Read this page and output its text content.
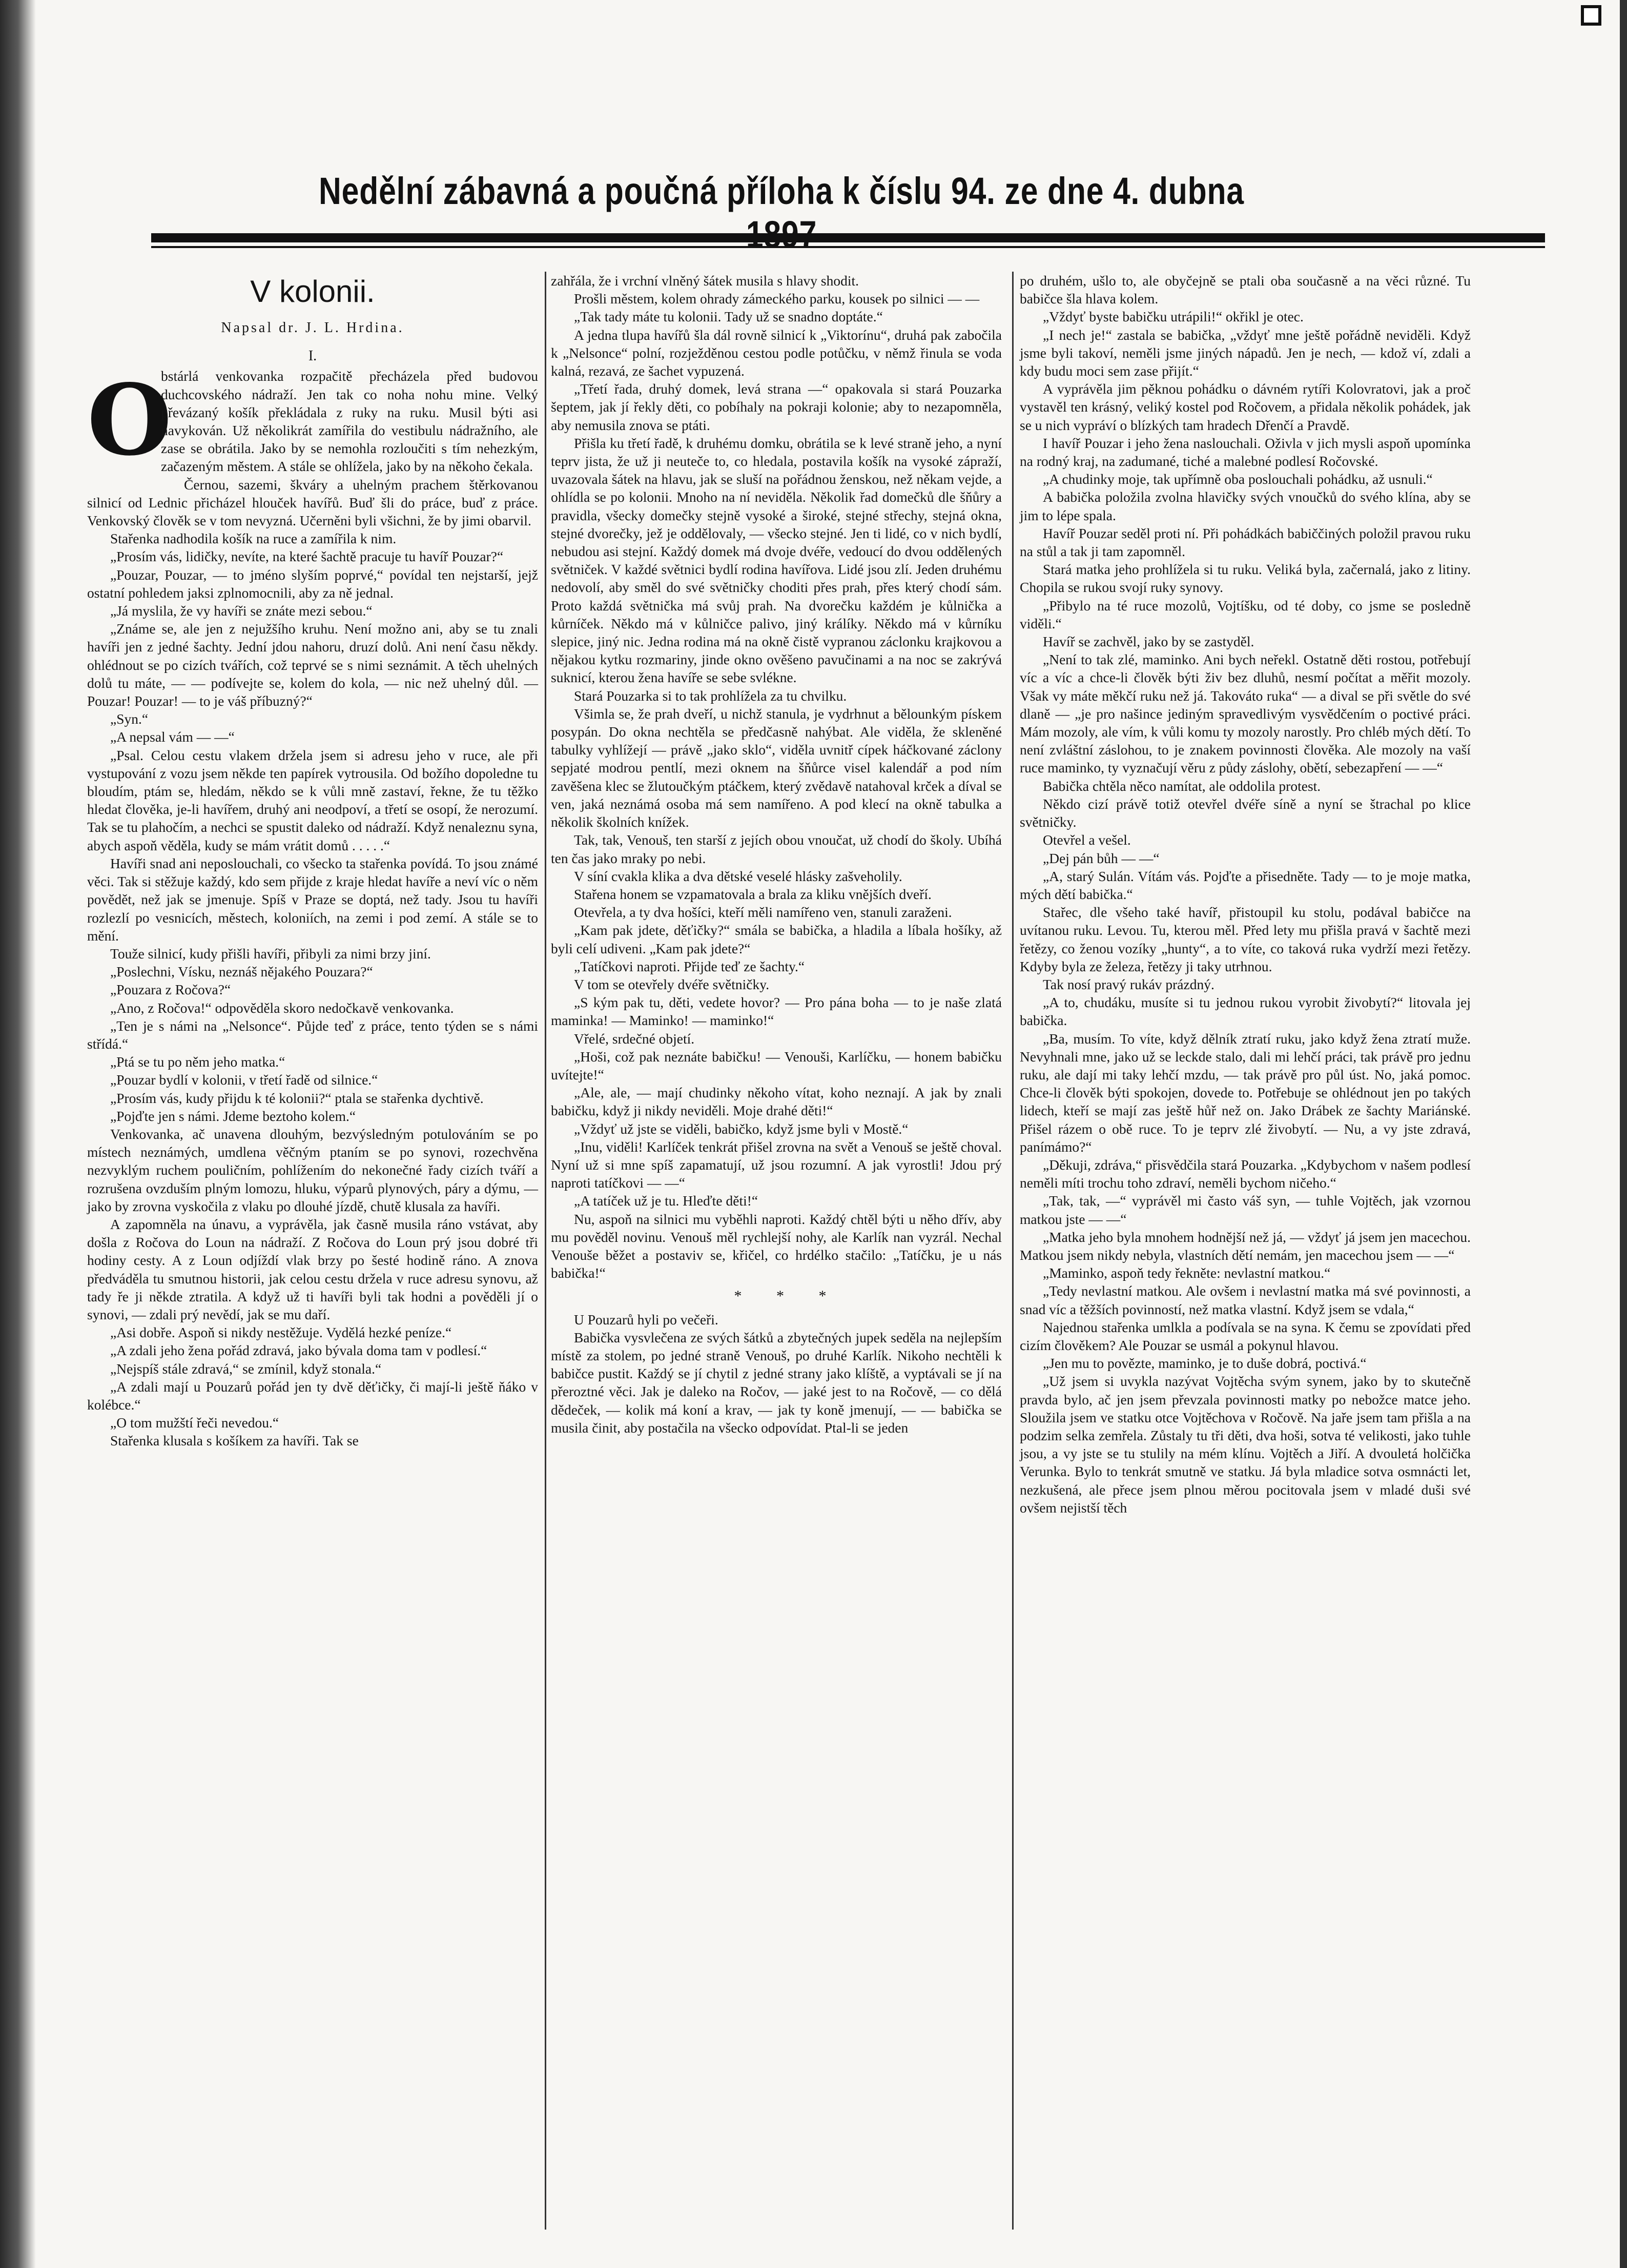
Nedělní zábavná a poučná příloha k číslu 94. ze dne 4. dubna
V kolonii.
Napsal dr. J. L. Hrdina.
I.
O

bstárlá venkovanka rozpačitě přecházela před budovou duchcovského nádraží. Jen tak co noha nohu mine. Velký převázaný košík překládala z ruky na ruku. Musil býti asi navykován. Už několikrát zamířila do vestibulu nádražního, ale zase se obrátila. Jako by se nemohla rozloučiti s tím nehezkým, začazeným městem. A stále se ohlížela, jako by na někoho čekala.

Černou, sazemi, škváry a uhelným prachem štěrkovanou silnicí od Lednic přicházel hlouček havířů. Buď šli do práce, buď z práce. Venkovský člověk se v tom nevyzná. Učerněni byli všichni, že by jimi obarvil.

Stařenka nadhodila košík na ruce a zamířila k nim.

„Prosím vás, lidičky, nevíte, na které šachtě pracuje tu havíř Pouzar?“

„Pouzar, Pouzar, — to jméno slyším poprvé,“ povídal ten nejstarší, jejž ostatní pohledem jaksi zplnomocnili, aby za ně jednal.

„Já myslila, že vy havíři se znáte mezi sebou.“

„Známe se, ale jen z nejužšího kruhu. Není možno ani, aby se tu znali havíři jen z jedné šachty. Jední jdou nahoru, druzí dolů. Ani není času někdy. ohlédnout se po cizích tvářích, což teprvé se s nimi seznámit. A těch uhelných dolů tu máte, — — podívejte se, kolem do kola, — nic než uhelný důl. — Pouzar! Pouzar! — to je váš příbuzný?“

„Syn.“

„A nepsal vám — —“

„Psal. Celou cestu vlakem držela jsem si adresu jeho v ruce, ale při vystupování z vozu jsem někde ten papírek vytrousila. Od božího dopoledne tu bloudím, ptám se, hledám, někdo se k vůli mně zastaví, řekne, že tu těžko hledat člověka, je-li havířem, druhý ani neodpoví, a třetí se osopí, že nerozumí. Tak se tu plahočím, a nechci se spustit daleko od nádraží. Když nenaleznu syna, abych aspoň věděla, kudy se mám vrátit domů . . . . .“

Havíři snad ani neposlouchali, co všecko ta stařenka povídá. To jsou známé věci. Tak si stěžuje každý, kdo sem přijde z kraje hledat havíře a neví víc o něm povědět, než jak se jmenuje. Spíš v Praze se doptá, než tady. Jsou tu havíři rozlezlí po vesnicích, městech, koloniích, na zemi i pod zemí. A stále se to mění.

Touže silnicí, kudy přišli havíři, přibyli za nimi brzy jiní.

„Poslechni, Vísku, neznáš nějakého Pouzara?“

„Pouzara z Ročova?“

„Ano, z Ročova!“ odpověděla skoro nedočkavě venkovanka.

„Ten je s námi na „Nelsonce“. Půjde teď z práce, tento týden se s námi střídá.“

„Ptá se tu po něm jeho matka.“

„Pouzar bydlí v kolonii, v třetí řadě od silnice.“

„Prosím vás, kudy přijdu k té kolonii?“ ptala se stařenka dychtivě.

„Pojďte jen s námi. Jdeme beztoho kolem.“

Venkovanka, ač unavena dlouhým, bezvýsledným potulováním se po místech neznámých, umdlena věčným ptaním se po synovi, rozechvěna nezvyklým ruchem pouličním, pohlížením do nekonečné řady cizích tváří a rozrušena ovzduším plným lomozu, hluku, výparů plynových, páry a dýmu, — jako by zrovna vyskočila z vlaku po dlouhé jízdě, chutě klusala za havíři.

A zapomněla na únavu, a vyprávěla, jak časně musila ráno vstávat, aby došla z Ročova do Loun na nádraží. Z Ročova do Loun prý jsou dobré tři hodiny cesty. A z Loun odjíždí vlak brzy po šesté hodině ráno. A znova předváděla tu smutnou historii, jak celou cestu držela v ruce adresu synovu, až tady ře ji někde ztratila. A když už ti havíři byli tak hodni a pověděli jí o synovi, — zdali prý nevědí, jak se mu daří.

„Asi dobře. Aspoň si nikdy nestěžuje. Vydělá hezké peníze.“

„A zdali jeho žena pořád zdravá, jako bývala doma tam v podlesí.“

„Nejspíš stále zdravá,“ se zmínil, když stonala.“

„A zdali mají u Pouzarů pořád jen ty dvě děťičky, či mají-li ještě ňáko v kolébce.“

„O tom mužští řeči nevedou.“

Stařenka klusala s košíkem za havíři. Tak se

zahřála, že i vrchní vlněný šátek musila s hlavy shodit.

Prošli městem, kolem ohrady zámeckého parku, kousek po silnici — —

„Tak tady máte tu kolonii. Tady už se snadno doptáte.“

A jedna tlupa havířů šla dál rovně silnicí k „Viktorínu“, druhá pak zabočila k „Nelsonce“ polní, rozježděnou cestou podle potůčku, v němž řinula se voda kalná, rezavá, ze šachet vypuzená.

„Třetí řada, druhý domek, levá strana —“ opakovala si stará Pouzarka šeptem, jak jí řekly děti, co pobíhaly na pokraji kolonie; aby to nezapomněla, aby nemusila znova se ptáti.

Přišla ku třetí řadě, k druhému domku, obrátila se k levé straně jeho, a nyní teprv jista, že už ji neuteče to, co hledala, postavila košík na vysoké zápraží, uvazovala šátek na hlavu, jak se sluší na pořádnou ženskou, než někam vejde, a ohlídla se po kolonii. Mnoho na ní neviděla. Několik řad domečků dle šňůry a pravidla, všecky domečky stejně vysoké a široké, stejné střechy, stejná okna, stejné dvorečky, jež je oddělovaly, — všecko stejné. Jen ti lidé, co v nich bydlí, nebudou asi stejní. Každý domek má dvoje dvéře, vedoucí do dvou oddělených světniček. V každé světnici bydlí rodina havířova. Lidé jsou zlí. Jeden druhému nedovolí, aby směl do své světničky choditi přes prah, přes který chodí sám. Proto každá světnička má svůj prah. Na dvorečku každém je kůlnička a kůrníček. Někdo má v kůlničce palivo, jiný králíky. Někdo má v kůrníku slepice, jiný nic. Jedna rodina má na okně čistě vypranou záclonku krajkovou a nějakou kytku rozmariny, jinde okno ověšeno pavučinami a na noc se zakrývá suknicí, kterou žena havíře se sebe svlékne.

Stará Pouzarka si to tak prohlížela za tu chvilku.

Všimla se, že prah dveří, u nichž stanula, je vydrhnut a bělounkým pískem posypán. Do okna nechtěla se předčasně nahýbat. Ale viděla, že skleněné tabulky vyhlížejí — právě „jako sklo“, viděla uvnitř cípek háčkované záclony sepjaté modrou pentlí, mezi oknem na šňůrce visel kalendář a pod ním zavěšena klec se žlutoučkým ptáčkem, který zvědavě natahoval krček a díval se ven, jaká neznámá osoba má sem namířeno. A pod klecí na okně tabulka a několik školních knížek.

Tak, tak, Venouš, ten starší z jejích obou vnoučat, už chodí do školy. Ubíhá ten čas jako mraky po nebi.

V síní cvakla klika a dva dětské veselé hlásky zašveholily.

Stařena honem se vzpamatovala a brala za kliku vnějších dveří.

Otevřela, a ty dva hošíci, kteří měli namířeno ven, stanuli zaraženi.

„Kam pak jdete, děťičky?“ smála se babička, a hladila a líbala hošíky, až byli celí udiveni. „Kam pak jdete?“

„Tatíčkovi naproti. Přijde teď ze šachty.“

V tom se otevřely dvéře světničky.

„S kým pak tu, děti, vedete hovor? — Pro pána boha — to je naše zlatá maminka! — Maminko! — maminko!“

Vřelé, srdečné objetí.

„Hoši, což pak neznáte babičku! — Venouši, Karlíčku, — honem babičku uvítejte!“

„Ale, ale, — mají chudinky někoho vítat, koho neznají. A jak by znali babičku, když ji nikdy neviděli. Moje drahé děti!“

„Vždyť už jste se viděli, babičko, když jsme byli v Mostě.“

„Inu, viděli! Karlíček tenkrát přišel zrovna na svět a Venouš se ještě choval. Nyní už si mne spíš zapamatují, už jsou rozumní. A jak vyrostli! Jdou prý naproti tatíčkovi — —“

„A tatíček už je tu. Hleďte děti!“

Nu, aspoň na silnici mu vyběhli naproti. Každý chtěl býti u něho dřív, aby mu pověděl novinu. Venouš měl rychlejší nohy, ale Karlík nan vyzrál. Nechal Venouše běžet a postaviv se, křičel, co hrdélko stačilo: „Tatíčku, je u nás babička!“

* * *

U Pouzarů hyli po večeři.

Babička vysvlečena ze svých šátků a zbytečných jupek seděla na nejlepším místě za stolem, po jedné straně Venouš, po druhé Karlík. Nikoho nechtěli k babičce pustit. Každý se jí chytil z jedné strany jako klíště, a vyptávali se jí na přeroztné věci. Jak je daleko na Ročov, — jaké jest to na Ročově, — co dělá dědeček, — kolik má koní a krav, — jak ty koně jmenují, — — babička se musila činit, aby postačila na všecko odpovídat. Ptal-li se jeden

po druhém, ušlo to, ale obyčejně se ptali oba současně a na věci různé. Tu babičce šla hlava kolem.

„Vždyť byste babičku utrápili!“ okřikl je otec.

„I nech je!“ zastala se babička, „vždyť mne ještě pořádně neviděli. Když jsme byli takoví, neměli jsme jiných nápadů. Jen je nech, — kdož ví, zdali a kdy budu moci sem zase přijít.“

A vyprávěla jim pěknou pohádku o dávném rytíři Kolovratovi, jak a proč vystavěl ten krásný, veliký kostel pod Ročovem, a přidala několik pohádek, jak se u nich vypráví o blízkých tam hradech Dřenčí a Pravdě.

I havíř Pouzar i jeho žena naslouchali. Oživla v jich mysli aspoň upomínka na rodný kraj, na zadumané, tiché a malebné podlesí Ročovské.

„A chudinky moje, tak upřímně oba poslouchali pohádku, až usnuli.“

A babička položila zvolna hlavičky svých vnoučků do svého klína, aby se jim to lépe spala.

Havíř Pouzar seděl proti ní. Při pohádkách babiččiných položil pravou ruku na stůl a tak ji tam zapomněl.

Stará matka jeho prohlížela si tu ruku. Veliká byla, začernalá, jako z litiny. Chopila se rukou svojí ruky synovy.

„Přibylo na té ruce mozolů, Vojtíšku, od té doby, co jsme se posledně viděli.“

Havíř se zachvěl, jako by se zastyděl.

„Není to tak zlé, maminko. Ani bych neřekl. Ostatně děti rostou, potřebují víc a víc a chce-li člověk býti živ bez dluhů, nesmí počítat a měřit mozoly. Však vy máte měkčí ruku než já. Takováto ruka“ — a dival se při světle do své dlaně — „je pro našince jediným spravedlivým vysvědčením o poctivé práci. Mám mozoly, ale vím, k vůli komu ty mozoly narostly. Pro chléb mých dětí. To není zvláštní záslohou, to je znakem povinnosti člověka. Ale mozoly na vaší ruce maminko, ty vyznačují věru z půdy záslohy, obětí, sebezapření — —“

Babička chtěla něco namítat, ale oddolila protest.

Někdo cizí právě totiž otevřel dvéře síně a nyní se štrachal po klice světničky.

Otevřel a vešel.

„Dej pán bůh — —“

„A, starý Sulán. Vítám vás. Pojďte a přisedněte. Tady — to je moje matka, mých dětí babička.“

Stařec, dle všeho také havíř, přistoupil ku stolu, podával babičce na uvítanou ruku. Levou. Tu, kterou měl. Před lety mu přišla pravá v šachtě mezi řetězy, co ženou vozíky „hunty“, a to víte, co taková ruka vydrží mezi řetězy. Kdyby byla ze železa, řetězy ji taky utrhnou.

Tak nosí pravý rukáv prázdný.

„A to, chudáku, musíte si tu jednou rukou vyrobit živobytí?“ litovala jej babička.

„Ba, musím. To víte, když dělník ztratí ruku, jako když žena ztratí muže. Nevyhnali mne, jako už se leckde stalo, dali mi lehčí práci, tak právě pro jednu ruku, ale dají mi taky lehčí mzdu, — tak právě pro půl úst. No, jaká pomoc. Chce-li člověk býti spokojen, dovede to. Potřebuje se ohlédnout jen po takých lidech, kteří se mají zas ještě hůř než on. Jako Drábek ze šachty Mariánské. Přišel rázem o obě ruce. To je teprv zlé živobytí. — Nu, a vy jste zdravá, panímámo?“

„Děkuji, zdráva,“ přisvědčila stará Pouzarka. „Kdybychom v našem podlesí neměli míti trochu toho zdraví, neměli bychom ničeho.“

„Tak, tak, —“ vyprávěl mi často váš syn, — tuhle Vojtěch, jak vzornou matkou jste — —“

„Matka jeho byla mnohem hodnější než já, — vždyť já jsem jen macechou. Matkou jsem nikdy nebyla, vlastních dětí nemám, jen macechou jsem — —“

„Maminko, aspoň tedy řekněte: nevlastní matkou.“

„Tedy nevlastní matkou. Ale ovšem i nevlastní matka má své povinnosti, a snad víc a těžších povinností, než matka vlastní. Když jsem se vdala,“

Najednou stařenka umlkla a podívala se na syna. K čemu se zpovídati před cizím člověkem? Ale Pouzar se usmál a pokynul hlavou.

„Jen mu to povězte, maminko, je to duše dobrá, poctivá.“

„Už jsem si uvykla nazývat Vojtěcha svým synem, jako by to skutečně pravda bylo, ač jen jsem převzala povinnosti matky po nebožce matce jeho. Sloužila jsem ve statku otce Vojtěchova v Ročově. Na jaře jsem tam přišla a na podzim selka zemřela. Zůstaly tu tři děti, dva hoši, sotva té velikosti, jako tuhle jsou, a vy jste se tu stulily na mém klínu. Vojtěch a Jiří. A dvouletá holčička Verunka. Bylo to tenkrát smutně ve statku. Já byla mladice sotva osmnácti let, nezkušená, ale přece jsem plnou měrou pocitovala jsem v mladé duši své ovšem nejistší těch
